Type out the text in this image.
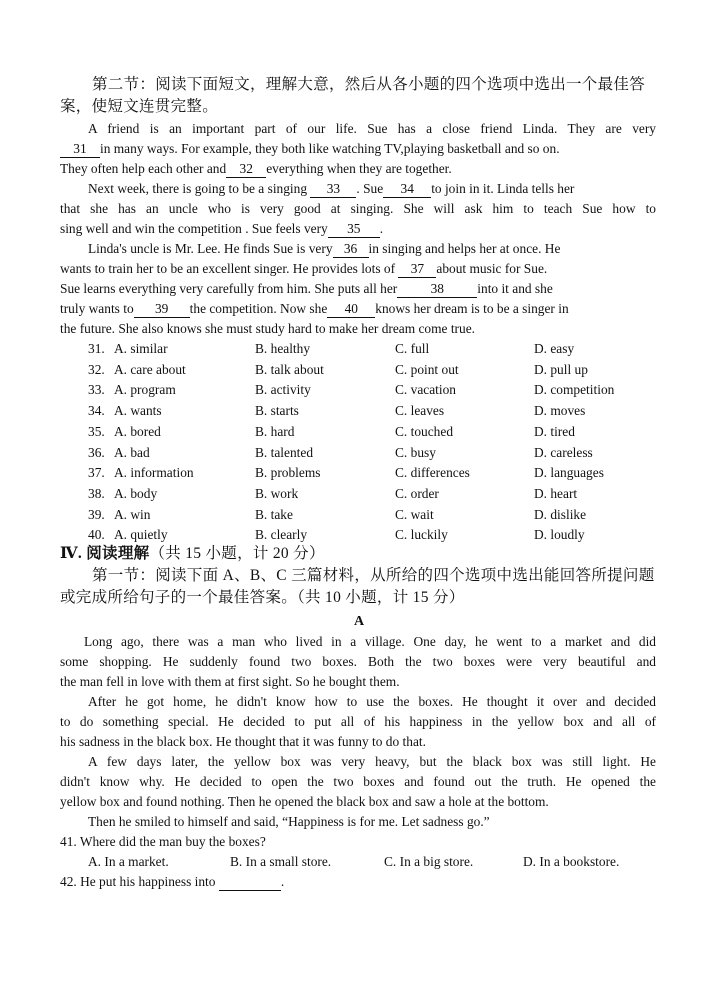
第二节：阅读下面短文，理解大意，然后从各小题的四个选项中选出一个最佳答
案，使短文连贯完整。
A friend is an important part of our life. Sue has a close friend Linda. They are very
31 in many ways. For example, they both like watching TV,playing basketball and so on.
They often help each other and 32 everything when they are together.
Next week, there is going to be a singing 33 . Sue 34 to join in it. Linda tells her
that she has an uncle who is very good at singing. She will ask him to teach Sue how to
sing well and win the competition . Sue feels very 35 .
Linda's uncle is Mr. Lee. He finds Sue is very 36 in singing and helps her at once. He
wants to train her to be an excellent singer. He provides lots of 37 about music for Sue.
Sue learns everything very carefully from him. She puts all her 38 into it and she
truly wants to 39 the competition. Now she 40 knows her dream is to be a singer in
the future. She also knows she must study hard to make her dream come true.
31. A. similar	B. healthy	C. full	D. easy
32. A. care about	B. talk about	C. point out	D. pull up
33. A. program	B. activity	C. vacation	D. competition
34. A. wants	B. starts	C. leaves	D. moves
35. A. bored	B. hard	C. touched	D. tired
36. A. bad	B. talented	C. busy	D. careless
37. A. information	B. problems	C. differences	D. languages
38. A. body	B. work	C. order	D. heart
39. A. win	B. take	C. wait	D. dislike
40. A. quietly	B. clearly	C. luckily	D. loudly
Ⅳ. 阅读理解（共 15 小题，计 20 分）
第一节：阅读下面 A、B、C 三篇材料，从所给的四个选项中选出能回答所提问题
或完成所给句子的一个最佳答案。（共 10 小题，计 15 分）
A
Long ago, there was a man who lived in a village. One day, he went to a market and did
some shopping. He suddenly found two boxes. Both the two boxes were very beautiful and
the man fell in love with them at first sight. So he bought them.
After he got home, he didn't know how to use the boxes. He thought it over and decided
to do something special. He decided to put all of his happiness in the yellow box and all of
his sadness in the black box. He thought that it was funny to do that.
A few days later, the yellow box was very heavy, but the black box was still light. He
didn't know why. He decided to open the two boxes and found out the truth. He opened the
yellow box and found nothing. Then he opened the black box and saw a hole at the bottom.
Then he smiled to himself and said, “Happiness is for me. Let sadness go.”
41. Where did the man buy the boxes?
A. In a market.	B. In a small store.	C. In a big store.	D. In a bookstore.
42. He put his happiness into	.
